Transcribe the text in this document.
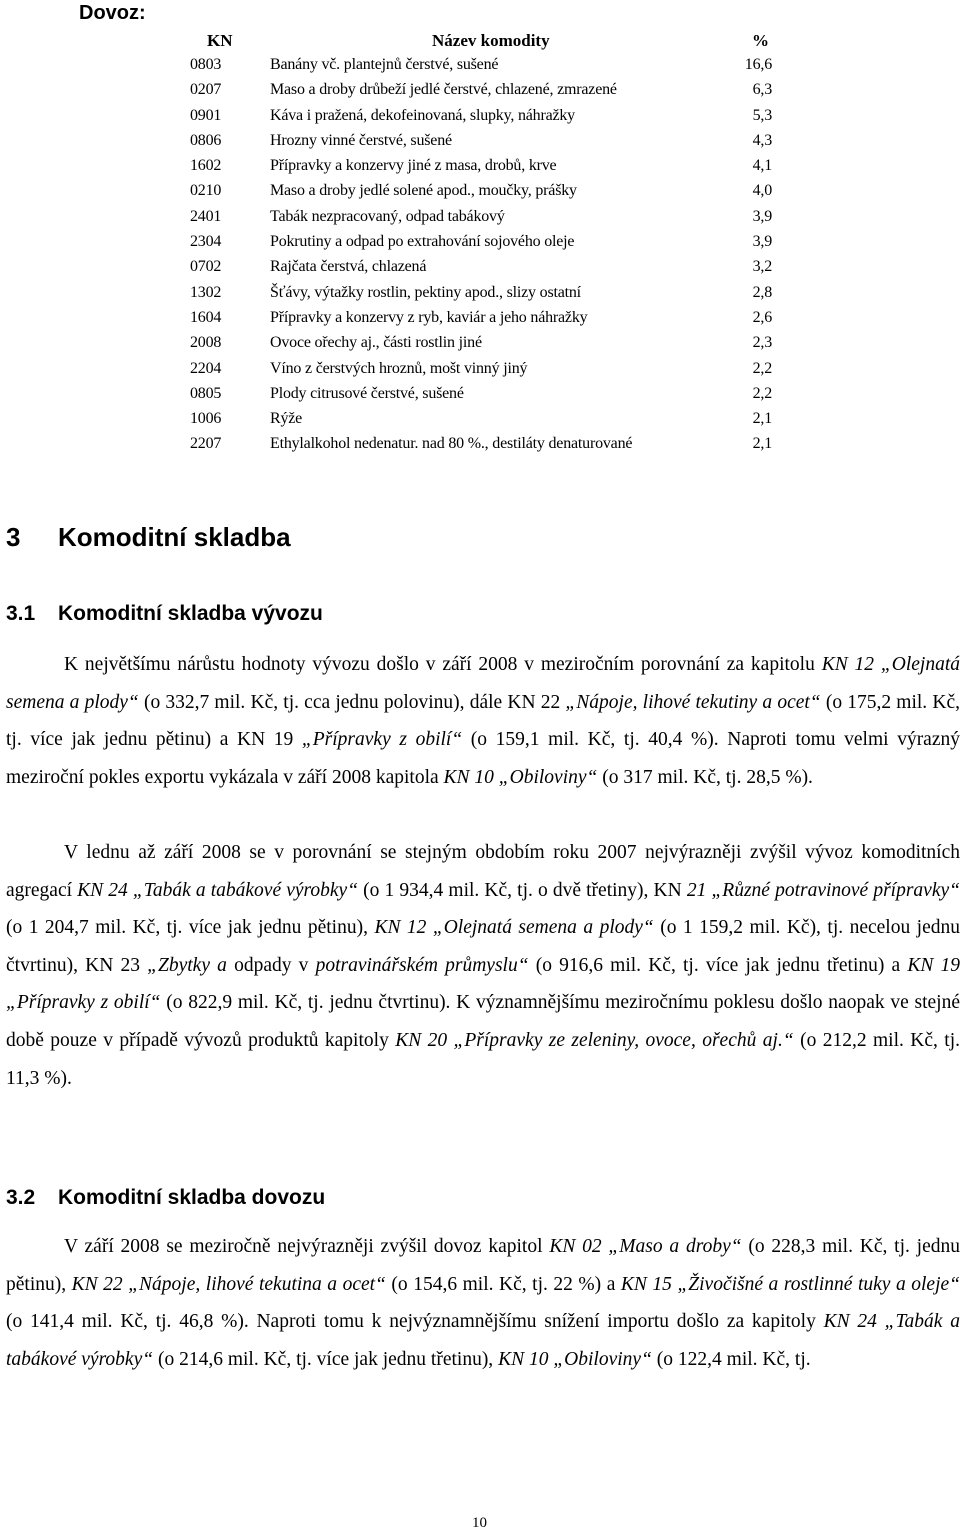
Dovoz:
KN	Název komodity	%
0803	Banány vč. plantejnů čerstvé, sušené	16,6
0207	Maso a droby drůbeží jedlé čerstvé, chlazené, zmrazené	6,3
0901	Káva i pražená, dekofeinovaná, slupky, náhražky	5,3
0806	Hrozny vinné čerstvé, sušené	4,3
1602	Přípravky a konzervy jiné z masa, drobů, krve	4,1
0210	Maso a droby jedlé solené apod., moučky, prášky	4,0
2401	Tabák nezpracovaný, odpad tabákový	3,9
2304	Pokrutiny a odpad po extrahování sojového oleje	3,9
0702	Rajčata čerstvá, chlazená	3,2
1302	Šťávy, výtažky rostlin, pektiny apod., slizy ostatní	2,8
1604	Přípravky a konzervy z ryb, kaviár a jeho náhražky	2,6
2008	Ovoce ořechy aj., části rostlin jiné	2,3
2204	Víno z čerstvých hroznů, mošt vinný jiný	2,2
0805	Plody citrusové čerstvé, sušené	2,2
1006	Rýže	2,1
2207	Ethylalkohol nedenatur. nad 80 %., destiláty denaturované	2,1
3 Komoditní skladba
3.1 Komoditní skladba vývozu

K největšímu nárůstu hodnoty vývozu došlo v září 2008 v meziročním porovnání za kapitolu KN 12 „Olejnatá semena a plody“ (o 332,7 mil. Kč, tj. cca jednu polovinu), dále KN 22 „Nápoje, lihové tekutiny a ocet“ (o 175,2 mil. Kč, tj. více jak jednu pětinu) a KN 19 „Přípravky z obilí“ (o 159,1 mil. Kč, tj. 40,4 %). Naproti tomu velmi výrazný meziroční pokles exportu vykázala v září 2008 kapitola KN 10 „Obiloviny“ (o 317 mil. Kč, tj. 28,5 %).

V lednu až září 2008 se v porovnání se stejným obdobím roku 2007 nejvýrazněji zvýšil vývoz komoditních agregací KN 24 „Tabák a tabákové výrobky“ (o 1 934,4 mil. Kč, tj. o dvě třetiny), KN 21 „Různé potravinové přípravky“ (o 1 204,7 mil. Kč, tj. více jak jednu pětinu), KN 12 „Olejnatá semena a plody“ (o 1 159,2 mil. Kč), tj. necelou jednu čtvrtinu), KN 23 „Zbytky a odpady v potravinářském průmyslu“ (o 916,6 mil. Kč, tj. více jak jednu třetinu) a KN 19 „Přípravky z obilí“ (o 822,9 mil. Kč, tj. jednu čtvrtinu). K významnějšímu meziročnímu poklesu došlo naopak ve stejné době pouze v případě vývozů produktů kapitoly KN 20 „Přípravky ze zeleniny, ovoce, ořechů aj.“ (o 212,2 mil. Kč, tj. 11,3 %).

3.2 Komoditní skladba dovozu

V září 2008 se meziročně nejvýrazněji zvýšil dovoz kapitol KN 02 „Maso a droby“ (o 228,3 mil. Kč, tj. jednu pětinu), KN 22 „Nápoje, lihové tekutina a ocet“ (o 154,6 mil. Kč, tj. 22 %) a KN 15 „Živočišné a rostlinné tuky a oleje“ (o 141,4 mil. Kč, tj. 46,8 %). Naproti tomu k nejvýznamnějšímu snížení importu došlo za kapitoly KN 24 „Tabák a tabákové výrobky“ (o 214,6 mil. Kč, tj. více jak jednu třetinu), KN 10 „Obiloviny“ (o 122,4 mil. Kč, tj.

10
